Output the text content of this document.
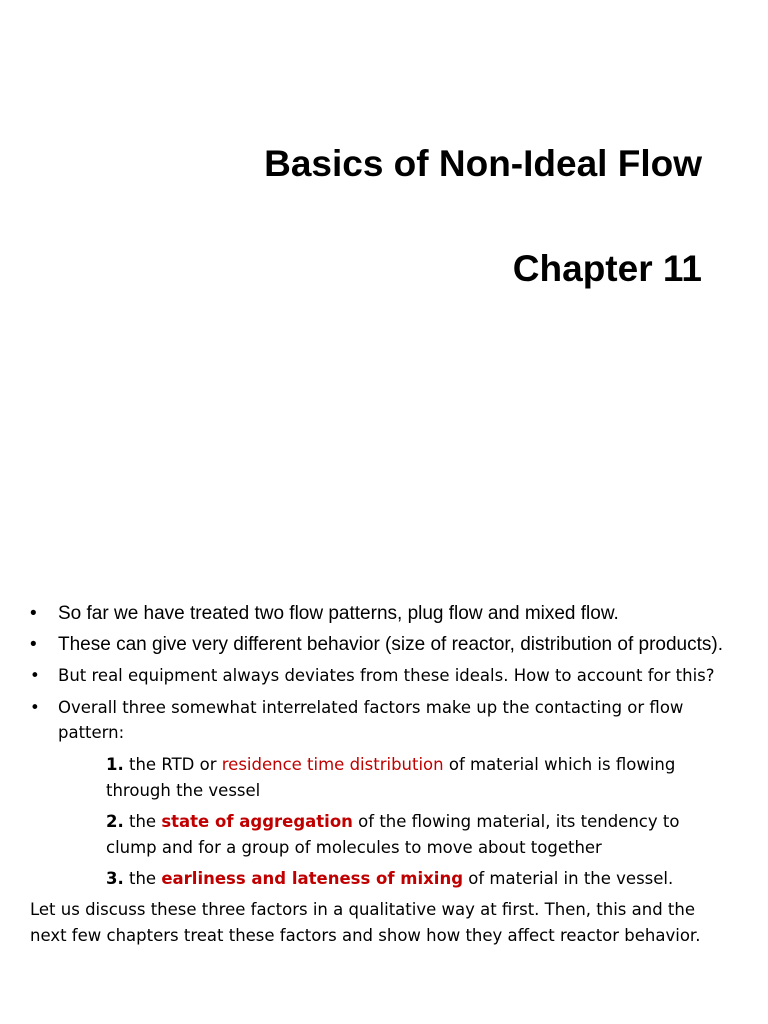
Basics of Non-Ideal Flow
Chapter 11
• So far we have treated two flow patterns, plug flow and mixed flow.
• These can give very different behavior (size of reactor, distribution of products).
• But real equipment always deviates from these ideals. How to account for this?
• Overall three somewhat interrelated factors make up the contacting or flow pattern:
1. the RTD or residence time distribution of material which is flowing through the vessel
2. the state of aggregation of the flowing material, its tendency to clump and for a group of molecules to move about together
3. the earliness and lateness of mixing of material in the vessel.

Let us discuss these three factors in a qualitative way at first. Then, this and the next few chapters treat these factors and show how they affect reactor behavior.
